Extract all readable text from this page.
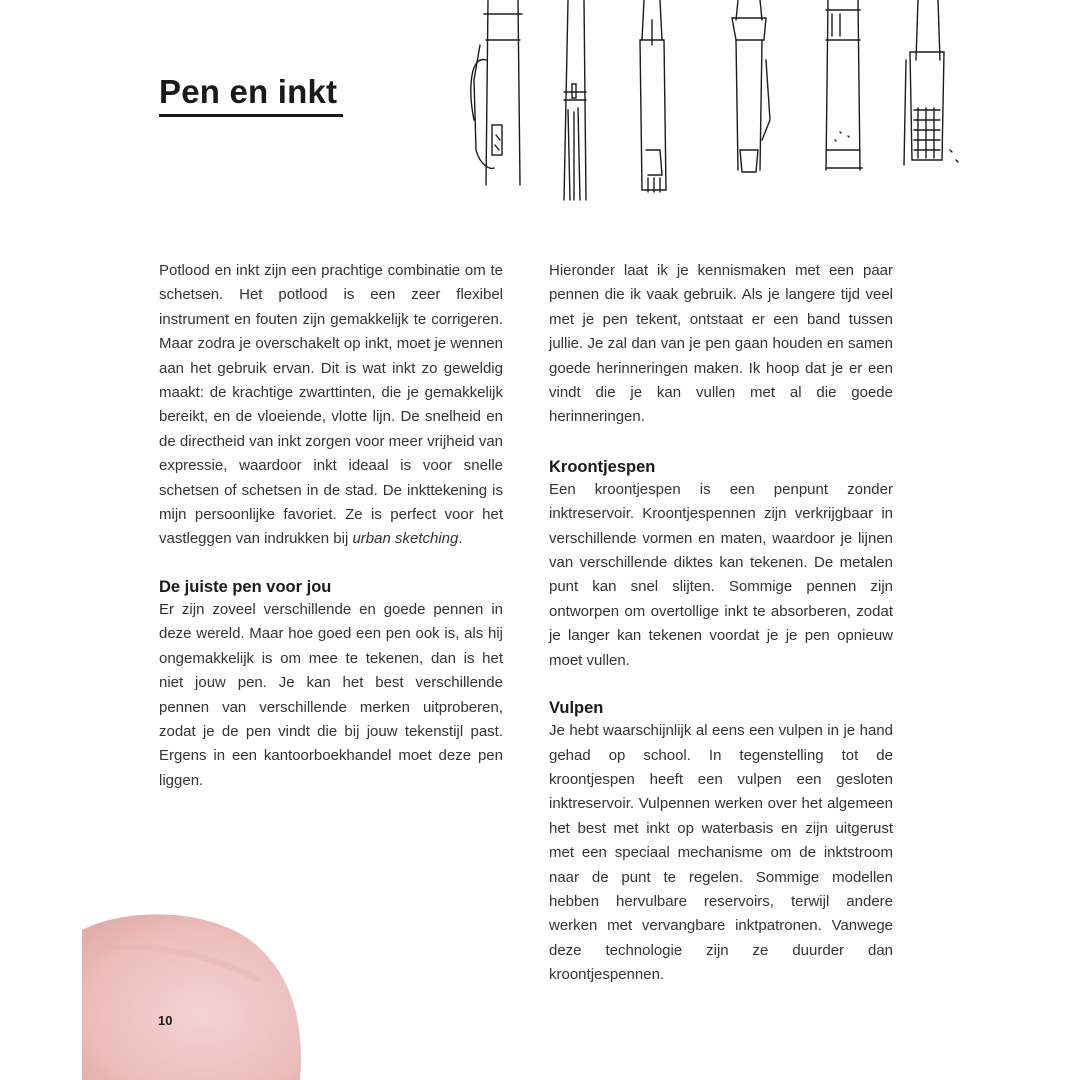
Pen en inkt

Potlood en inkt zijn een prachtige combinatie om te schetsen. Het potlood is een zeer flexibel instrument en fouten zijn gemakkelijk te corrigeren. Maar zodra je overschakelt op inkt, moet je wennen aan het gebruik ervan. Dit is wat inkt zo geweldig maakt: de krachtige zwarttinten, die je gemakkelijk bereikt, en de vloeiende, vlotte lijn. De snelheid en de directheid van inkt zorgen voor meer vrijheid van expressie, waardoor inkt ideaal is voor snelle schetsen of schetsen in de stad. De inkttekening is mijn persoonlijke favoriet. Ze is perfect voor het vastleggen van indrukken bij urban sketching.

De juiste pen voor jou

Er zijn zoveel verschillende en goede pennen in deze wereld. Maar hoe goed een pen ook is, als hij ongemakkelijk is om mee te tekenen, dan is het niet jouw pen. Je kan het best verschillende pennen van verschillende merken uitproberen, zodat je de pen vindt die bij jouw tekenstijl past. Ergens in een kantoorboekhandel moet deze pen liggen.

Hieronder laat ik je kennismaken met een paar pennen die ik vaak gebruik. Als je langere tijd veel met je pen tekent, ontstaat er een band tussen jullie. Je zal dan van je pen gaan houden en samen goede herinneringen maken. Ik hoop dat je er een vindt die je kan vullen met al die goede herinneringen.

Kroontjespen

Een kroontjespen is een penpunt zonder inktreservoir. Kroontjespennen zijn verkrijgbaar in verschillende vormen en maten, waardoor je lijnen van verschillende diktes kan tekenen. De metalen punt kan snel slijten. Sommige pennen zijn ontworpen om overtollige inkt te absorberen, zodat je langer kan tekenen voordat je je pen opnieuw moet vullen.

Vulpen

Je hebt waarschijnlijk al eens een vulpen in je hand gehad op school. In tegenstelling tot de kroontjespen heeft een vulpen een gesloten inktreservoir. Vulpennen werken over het algemeen het best met inkt op waterbasis en zijn uitgerust met een speciaal mechanisme om de inktstroom naar de punt te regelen. Sommige modellen hebben hervulbare reservoirs, terwijl andere werken met vervangbare inktpatronen. Vanwege deze technologie zijn ze duurder dan kroontjespennen.

10
